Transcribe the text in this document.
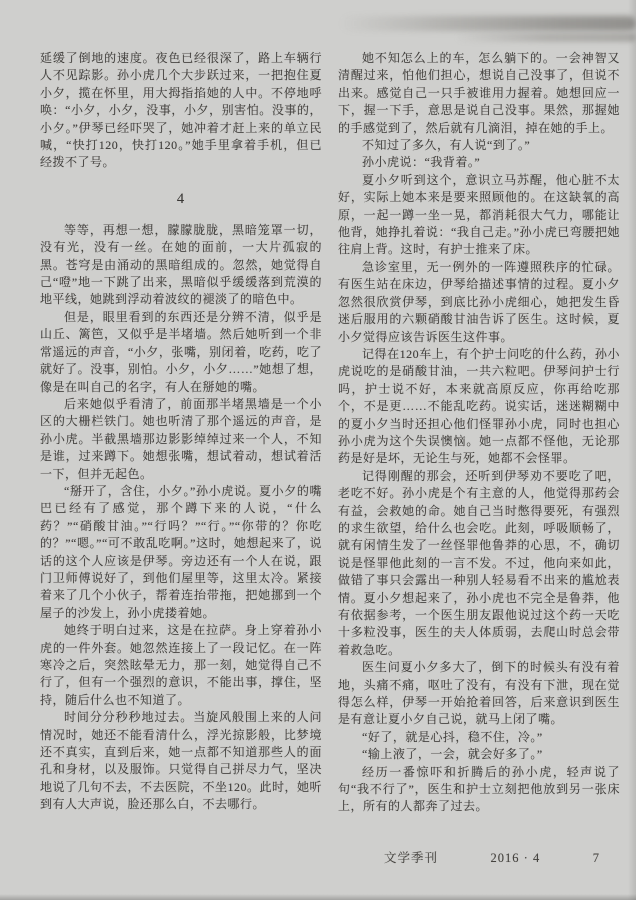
延缓了倒地的速度。夜色已经很深了，路上车辆行人不见踪影。孙小虎几个大步跃过来，一把抱住夏小夕，揽在怀里，用大拇指掐她的人中。不停地呼唤：“小夕，小夕，没事，小夕，别害怕。没事的，小夕。”伊琴已经吓哭了，她冲着才赶上来的单立民喊，“快打120，快打120。”她手里拿着手机，但已经拨不了号。

4

等等，再想一想，朦朦胧胧，黑暗笼罩一切，没有光，没有一丝。在她的面前，一大片孤寂的黑。苍穹是由涌动的黑暗组成的。忽然，她觉得自己“噔”地一下跳了出来，黑暗似乎缓缓落到荒漠的地平线，她跳到浮动着波纹的褪淡了的暗色中。

但是，眼里看到的东西还是分辨不清，似乎是山丘、篱笆，又似乎是半堵墙。然后她听到一个非常遥远的声音，“小夕，张嘴，别闭着，吃药，吃了就好了。没事，别怕。小夕，小夕……”她想了想，像是在叫自己的名字，有人在掰她的嘴。

后来她似乎看清了，前面那半堵黑墙是一个小区的大栅栏铁门。她也听清了那个遥远的声音，是孙小虎。半截黑墙那边影影绰绰过来一个人，不知是谁，过来蹲下。她想张嘴，想试着动，想试着活一下，但并无起色。

“掰开了，含住，小夕。”孙小虎说。夏小夕的嘴巴已经有了感觉，那个蹲下来的人说，“什么药？”“硝酸甘油。”“行吗？”“行。”“你带的？你吃的？”“嗯。”“可不敢乱吃啊。”这时，她想起来了，说话的这个人应该是伊琴。旁边还有一个人在说，跟门卫师傅说好了，到他们屋里等，这里太冷。紧接着来了几个小伙子，帮着连抬带拖，把她挪到一个屋子的沙发上，孙小虎搂着她。

她终于明白过来，这是在拉萨。身上穿着孙小虎的一件外套。她忽然连接上了一段记忆。在一阵寒冷之后，突然眩晕无力，那一刻，她觉得自己不行了，但有一个强烈的意识，不能出事，撑住，坚持，随后什么也不知道了。

时间分分秒秒地过去。当旋风般围上来的人问情况时，她还不能看清什么，浮光掠影般，比梦境还不真实，直到后来，她一点都不知道那些人的面孔和身材，以及服饰。只觉得自己拼尽力气，坚决地说了几句不去，不去医院，不坐120。此时，她听到有人大声说，脸还那么白，不去哪行。

她不知怎么上的车，怎么躺下的。一会神智又清醒过来，怕他们担心，想说自己没事了，但说不出来。感觉自己一只手被谁用力握着。她想回应一下，握一下手，意思是说自己没事。果然，那握她的手感觉到了，然后就有几滴泪，掉在她的手上。

不知过了多久，有人说“到了。”

孙小虎说：“我背着。”

夏小夕听到这个，意识立马苏醒，他心脏不太好，实际上她本来是要来照顾他的。在这缺氧的高原，一起一蹲一坐一晃，都消耗很大气力，哪能让他背，她挣扎着说：“我自己走。”孙小虎已弯腰把她往肩上背。这时，有护士推来了床。

急诊室里，无一例外的一阵遵照秩序的忙碌。有医生站在床边，伊琴给描述事情的过程。夏小夕忽然很欣赏伊琴，到底比孙小虎细心，她把发生昏迷后服用的六颗硝酸甘油告诉了医生。这时候，夏小夕觉得应该告诉医生这件事。

记得在120车上，有个护士问吃的什么药，孙小虎说吃的是硝酸甘油，一共六粒吧。伊琴问护士行吗，护士说不好，本来就高原反应，你再给吃那个，不是更……不能乱吃药。说实话，迷迷糊糊中的夏小夕当时还担心他们怪罪孙小虎，同时也担心孙小虎为这个失误懊恼。她一点都不怪他，无论那药是好是坏，无论生与死，她都不会怪罪。

记得刚醒的那会，还听到伊琴劝不要吃了吧，老吃不好。孙小虎是个有主意的人，他觉得那药会有益，会救她的命。她自己当时憋得要死，有强烈的求生欲望，给什么也会吃。此刻，呼吸顺畅了，就有闲情生发了一丝怪罪他鲁莽的心思，不，确切说是怪罪他此刻的一言不发。不过，他向来如此，做错了事只会露出一种别人轻易看不出来的尴尬表情。夏小夕想起来了，孙小虎也不完全是鲁莽，他有依据参考，一个医生朋友跟他说过这个药一天吃十多粒没事，医生的夫人体质弱，去爬山时总会带着救急吃。

医生问夏小夕多大了，倒下的时候头有没有着地，头痛不痛，呕吐了没有，有没有下泄，现在觉得怎么样，伊琴一开始抢着回答，后来意识到医生是有意让夏小夕自己说，就马上闭了嘴。

“好了，就是心抖，稳不住，冷。”

“输上液了，一会，就会好多了。”

经历一番惊吓和折腾后的孙小虎，轻声说了句“我不行了”，医生和护士立刻把他放到另一张床上，所有的人都奔了过去。

文学季刊	2016 · 4	7
